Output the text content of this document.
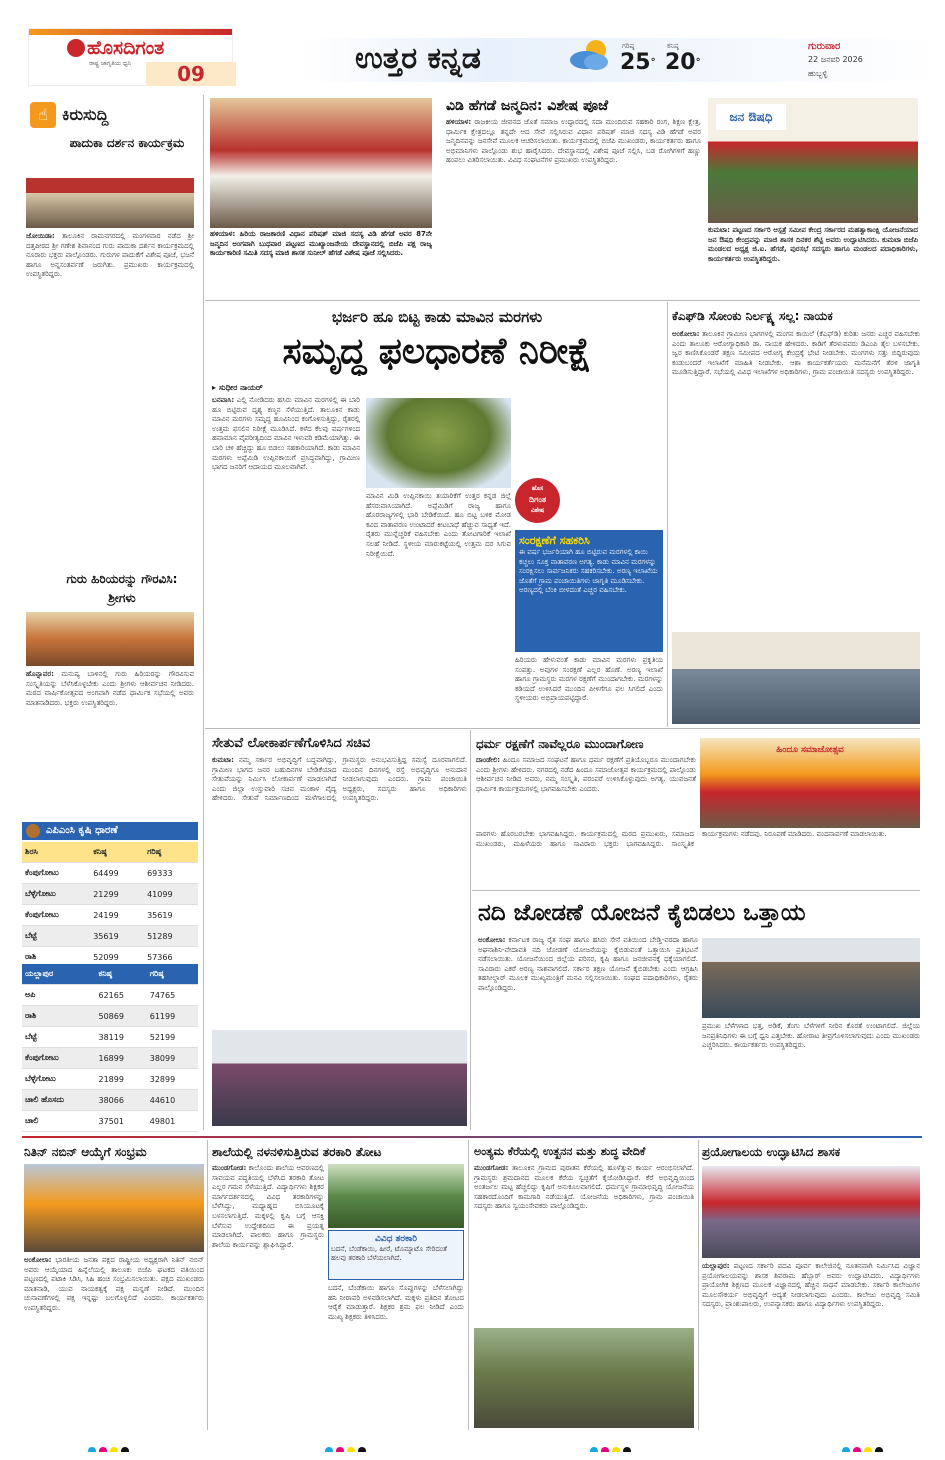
ಹೊಸದಿಗಂತ
ರಾಷ್ಟ್ರ ಜಾಗೃತಿಯ ಧ್ವನಿ	09	ಉತ್ತರ ಕನ್ನಡ	ಗರಿಷ್ಠ
25°
ಕನಿಷ್ಠ
20°
ಗುರುವಾರ
22 ಜನವರಿ 2026
ಹುಬ್ಬಳ್ಳಿ
☝ ಕಿರುಸುದ್ದಿ
ಪಾದುಕಾ ದರ್ಶನ ಕಾರ್ಯಕ್ರಮ
ಜೋಯಿಡಾ: ತಾಲೂಕಿನ ರಾಮನಗರದಲ್ಲಿ ಮಂಗಳವಾರ ನಡೆದ ಶ್ರೀ ದತ್ತಪೀಠದ ಶ್ರೀ ಗಣೇಶ ಶಿವಾನಂದ ಗುರು ಪಾದುಕಾ ದರ್ಶನ ಕಾರ್ಯಕ್ರಮದಲ್ಲಿ ನೂರಾರು ಭಕ್ತರು ಪಾಲ್ಗೊಂಡರು. ಗುರುಗಳ ಪಾದುಕೆಗೆ ವಿಶೇಷ ಪೂಜೆ, ಭಜನೆ ಹಾಗೂ ಅನ್ನಸಂತರ್ಪಣೆ ಜರುಗಿತು. ಪ್ರಮುಖರು ಕಾರ್ಯಕ್ರಮದಲ್ಲಿ ಉಪಸ್ಥಿತರಿದ್ದರು.
ಗುರು ಹಿರಿಯರನ್ನು ಗೌರವಿಸಿ: ಶ್ರೀಗಳು
ಹೊನ್ನಾವರ: ಮನುಷ್ಯ ಬಾಳಿನಲ್ಲಿ ಗುರು ಹಿರಿಯರನ್ನು ಗೌರವಿಸುವ ಸಂಸ್ಕೃತಿಯನ್ನು ಬೆಳೆಸಿಕೊಳ್ಳಬೇಕು ಎಂದು ಶ್ರೀಗಳು ಆಶೀರ್ವಚನ ನೀಡಿದರು. ಮಠದ ವಾರ್ಷಿಕೋತ್ಸವದ ಅಂಗವಾಗಿ ನಡೆದ ಧಾರ್ಮಿಕ ಸಭೆಯಲ್ಲಿ ಅವರು ಮಾತನಾಡಿದರು. ಭಕ್ತರು ಉಪಸ್ಥಿತರಿದ್ದರು.
ಎಪಿಎಂಸಿ ಕೃಷಿ ಧಾರಣೆ
ಶಿರಸಿ	ಕನಿಷ್ಠ	ಗರಿಷ್ಠ
ಕೆಂಪುಗೋಟು	64499	69333
ಬೆಳ್ಳೆಗೋಟು	21299	41099
ಕೆಂಪುಗೋಟು	24199	35619
ಬೆಟ್ಟೆ	35619	51289
ರಾಶಿ	52099	57366

ಯಲ್ಲಾಪುರ	ಕನಿಷ್ಠ	ಗರಿಷ್ಠ
ಅಪಿ	62165	74765
ರಾಶಿ	50869	61199
ಬೆಟ್ಟೆ	38119	52199
ಕೆಂಪುಗೋಟು	16899	38099
ಬೆಳ್ಳೆಗೋಟು	21899	32899
ಚಾಲಿ ಹೊಸದು	38066	44610
ಚಾಲಿ	37501	49801

ಹಳಿಯಾಳ: ಹಿರಿಯ ರಾಜಕಾರಣಿ ವಿಧಾನ ಪರಿಷತ್ ಮಾಜಿ ಸದಸ್ಯ ವಿಡಿ ಹೆಗಡೆ ಅವರ 87ನೇ ಜನ್ಮದಿನ ಅಂಗವಾಗಿ ಬುಧವಾರ ಪಟ್ಟಣದ ಮುಖ್ಯಾಂಜನೇಯ ದೇವಸ್ಥಾನದಲ್ಲಿ ಬಿಜೆಪಿ ಪಕ್ಷ ರಾಜ್ಯ ಕಾರ್ಯಕಾರಿಣಿ ಸಮಿತಿ ಸದಸ್ಯ ಮಾಜಿ ಶಾಸಕ ಸುನೀಲ್ ಹೆಗಡೆ ವಿಶೇಷ ಪೂಜೆ ಸಲ್ಲಿಸಿದರು.
ವಿಡಿ ಹೆಗಡೆ ಜನ್ಮದಿನ: ವಿಶೇಷ ಪೂಜೆ
ಹಳಿಯಾಳ: ರಾಜಕೀಯ ಜೀವನದ ಜೊತೆ ಸಮಾಜ ಉದ್ಧಾರದಲ್ಲಿ ಸದಾ ಮುಂದಿರುವ ಸಹಕಾರಿ ರಂಗ, ಶಿಕ್ಷಣ ಕ್ಷೇತ್ರ, ಧಾರ್ಮಿಕ ಕ್ಷೇತ್ರದಲ್ಲೂ ತನ್ನದೇ ಆದ ಸೇವೆ ಸಲ್ಲಿಸಿರುವ ವಿಧಾನ ಪರಿಷತ್ ಮಾಜಿ ಸದಸ್ಯ ವಿಡಿ ಹೆಗಡೆ ಅವರ ಜನ್ಮದಿನವನ್ನು ಜನಸೇವೆ ಮೂಲಕ ಆಚರಿಸಲಾಯಿತು. ಕಾರ್ಯಕ್ರಮದಲ್ಲಿ ಬಿಜೆಪಿ ಮುಖಂಡರು, ಕಾರ್ಯಕರ್ತರು ಹಾಗೂ ಅಭಿಮಾನಿಗಳು ಪಾಲ್ಗೊಂಡು ಶುಭ ಹಾರೈಸಿದರು. ದೇವಸ್ಥಾನದಲ್ಲಿ ವಿಶೇಷ ಪೂಜೆ ಸಲ್ಲಿಸಿ, ಬಡ ರೋಗಿಗಳಿಗೆ ಹಣ್ಣು ಹಂಪಲು ವಿತರಿಸಲಾಯಿತು. ವಿವಿಧ ಸಂಘಟನೆಗಳ ಪ್ರಮುಖರು ಉಪಸ್ಥಿತರಿದ್ದರು.
ಜನ ಔಷಧಿ
ಕುಮಟಾ: ಪಟ್ಟಣದ ಸರ್ಕಾರಿ ಆಸ್ಪತ್ರೆ ಸಮೀಪ ಕೇಂದ್ರ ಸರ್ಕಾರದ ಮಹತ್ವಾಕಾಂಕ್ಷಿ ಯೋಜನೆಯಾದ ಜನ ಔಷಧಿ ಕೇಂದ್ರವನ್ನು ಮಾಜಿ ಶಾಸಕ ದಿನಕರ ಶೆಟ್ಟಿ ಅವರು ಉದ್ಘಾಟಿಸಿದರು. ಕುಮಟಾ ಬಿಜೆಪಿ ಮಂಡಲದ ಅಧ್ಯಕ್ಷ ಜಿ.ಐ. ಹೆಗಡೆ, ಪುರಸಭೆ ಸದಸ್ಯರು ಹಾಗೂ ಮಂಡಲದ ಪದಾಧಿಕಾರಿಗಳು, ಕಾರ್ಯಕರ್ತರು ಉಪಸ್ಥಿತರಿದ್ದರು.
ಭರ್ಜರಿ ಹೂ ಬಿಟ್ಟ ಕಾಡು ಮಾವಿನ ಮರಗಳು
ಸಮೃದ್ಧ ಫಲಧಾರಣೆ ನಿರೀಕ್ಷೆ
▸ ಸುಧೀರ ನಾಯರ್
ಬನವಾಸಿ: ಎಲ್ಲಿ ನೋಡಿದರು ಹಸಿರು ಮಾವಿನ ಮರಗಳಲ್ಲಿ ಈ ಬಾರಿ ಹೂ ಬಿಟ್ಟಿರುವ ದೃಶ್ಯ ಕಣ್ಮನ ಸೆಳೆಯುತ್ತಿದೆ. ತಾಲೂಕಿನ ಕಾಡು ಮಾವಿನ ಮರಗಳು ಸಮೃದ್ಧ ಹೂವಿನಿಂದ ಕಂಗೊಳಿಸುತ್ತಿದ್ದು, ರೈತರಲ್ಲಿ ಉತ್ತಮ ಫಸಲಿನ ನಿರೀಕ್ಷೆ ಮೂಡಿಸಿದೆ. ಕಳೆದ ಕೆಲವು ವರ್ಷಗಳಿಂದ ಹವಾಮಾನ ವೈಪರೀತ್ಯದಿಂದ ಮಾವಿನ ಇಳುವರಿ ಕಡಿಮೆಯಾಗಿತ್ತು. ಈ ಬಾರಿ ಚಳಿ ಹೆಚ್ಚಿದ್ದು ಹೂ ಬಿಡಲು ಸಹಕಾರಿಯಾಗಿದೆ. ಕಾಡು ಮಾವಿನ ಮರಗಳು ಅಪ್ಪೆಮಿಡಿ ಉಪ್ಪಿನಕಾಯಿಗೆ ಪ್ರಸಿದ್ಧವಾಗಿದ್ದು, ಗ್ರಾಮೀಣ ಭಾಗದ ಜನರಿಗೆ ಆದಾಯದ ಮೂಲವಾಗಿವೆ.
ಹೊಸ
ದಿಗಂತ
ವಿಶೇಷ
ಮಾವಿನ ಮಿಡಿ ಉಪ್ಪಿನಕಾಯಿ ತಯಾರಿಕೆಗೆ ಉತ್ತರ ಕನ್ನಡ ಜಿಲ್ಲೆ ಹೆಸರುವಾಸಿಯಾಗಿದೆ. ಅಪ್ಪೆಮಿಡಿಗೆ ರಾಜ್ಯ ಹಾಗೂ ಹೊರರಾಜ್ಯಗಳಲ್ಲಿ ಭಾರಿ ಬೇಡಿಕೆಯಿದೆ. ಹೂ ಬಿಟ್ಟ ಬಳಿಕ ಮೋಡ ಕವಿದ ವಾತಾವರಣ ಉಂಟಾದರೆ ಕೀಟಬಾಧೆ ಹೆಚ್ಚುವ ಸಾಧ್ಯತೆ ಇದೆ. ರೈತರು ಮುನ್ನೆಚ್ಚರಿಕೆ ವಹಿಸಬೇಕು ಎಂದು ತೋಟಗಾರಿಕೆ ಇಲಾಖೆ ಸಲಹೆ ನೀಡಿದೆ. ಸ್ಥಳೀಯ ಮಾರುಕಟ್ಟೆಯಲ್ಲಿ ಉತ್ತಮ ದರ ಸಿಗುವ ನಿರೀಕ್ಷೆಯಿದೆ.
ಸಂರಕ್ಷಣೆಗೆ ಸಹಕರಿಸಿ
ಈ ವರ್ಷ ಭರ್ಜರಿಯಾಗಿ ಹೂ ಬಿಟ್ಟಿರುವ ಮರಗಳಲ್ಲಿ ಕಾಯಿ ಕಚ್ಚಲು ಸೂಕ್ತ ವಾತಾವರಣ ಅಗತ್ಯ. ಕಾಡು ಮಾವಿನ ಮರಗಳನ್ನು ಸಂರಕ್ಷಿಸಲು ಸಾರ್ವಜನಿಕರು ಸಹಕರಿಸಬೇಕು. ಅರಣ್ಯ ಇಲಾಖೆಯ ಜೊತೆಗೆ ಗ್ರಾಮ ಪಂಚಾಯಿತಿಗಳು ಜಾಗೃತಿ ಮೂಡಿಸಬೇಕು. ಅರಣ್ಯದಲ್ಲಿ ಬೆಂಕಿ ಬೀಳದಂತೆ ಎಚ್ಚರ ವಹಿಸಬೇಕು.
ಹಿರಿಯರು ಹೇಳುವಂತೆ ಕಾಡು ಮಾವಿನ ಮರಗಳು ಪ್ರಕೃತಿಯ ಸಂಪತ್ತು. ಅವುಗಳ ಸಂರಕ್ಷಣೆ ಎಲ್ಲರ ಹೊಣೆ. ಅರಣ್ಯ ಇಲಾಖೆ ಹಾಗೂ ಗ್ರಾಮಸ್ಥರು ಮರಗಳ ರಕ್ಷಣೆಗೆ ಮುಂದಾಗಬೇಕು. ಮರಗಳನ್ನು ಕಡಿಯದೆ ಉಳಿಸಿದರೆ ಮುಂದಿನ ಪೀಳಿಗೆಗೂ ಫಲ ಸಿಗಲಿದೆ ಎಂದು ಸ್ಥಳೀಯರು ಅಭಿಪ್ರಾಯಪಟ್ಟಿದ್ದಾರೆ.
ಕೆಎಫ್‌ಡಿ ಸೋಂಕು ನಿರ್ಲಕ್ಷ್ಯ ಸಲ್ಲ: ನಾಯಕ
ಅಂಕೋಲಾ: ತಾಲೂಕಿನ ಗ್ರಾಮೀಣ ಭಾಗಗಳಲ್ಲಿ ಮಂಗನ ಕಾಯಿಲೆ (ಕೆಎಫ್‌ಡಿ) ಕುರಿತು ಜನರು ಎಚ್ಚರ ವಹಿಸಬೇಕು ಎಂದು ತಾಲೂಕು ಆರೋಗ್ಯಾಧಿಕಾರಿ ಡಾ. ನಾಯಕ ಹೇಳಿದರು. ಕಾಡಿಗೆ ತೆರಳುವವರು ಡಿಎಂಪಿ ತೈಲ ಬಳಸಬೇಕು. ಜ್ವರ ಕಾಣಿಸಿಕೊಂಡರೆ ತಕ್ಷಣ ಸಮೀಪದ ಆರೋಗ್ಯ ಕೇಂದ್ರಕ್ಕೆ ಭೇಟಿ ನೀಡಬೇಕು. ಮಂಗಗಳು ಸತ್ತು ಬಿದ್ದಿರುವುದು ಕಂಡುಬಂದರೆ ಇಲಾಖೆಗೆ ಮಾಹಿತಿ ನೀಡಬೇಕು. ಆಶಾ ಕಾರ್ಯಕರ್ತೆಯರು ಮನೆಮನೆಗೆ ತೆರಳಿ ಜಾಗೃತಿ ಮೂಡಿಸುತ್ತಿದ್ದಾರೆ. ಸಭೆಯಲ್ಲಿ ವಿವಿಧ ಇಲಾಖೆಗಳ ಅಧಿಕಾರಿಗಳು, ಗ್ರಾಮ ಪಂಚಾಯಿತಿ ಸದಸ್ಯರು ಉಪಸ್ಥಿತರಿದ್ದರು.
ಸೇತುವೆ ಲೋಕಾರ್ಪಣೆಗೊಳಿಸಿದ ಸಚಿವ
ಕುಮಟಾ: ನಮ್ಮ ಸರ್ಕಾರ ಅಭಿವೃದ್ಧಿಗೆ ಬದ್ಧವಾಗಿದ್ದು, ಗ್ರಾಮೀಣ ಭಾಗದ ಜನರ ಬಹುದಿನಗಳ ಬೇಡಿಕೆಯಾದ ಸೇತುವೆಯನ್ನು ನಿರ್ಮಿಸಿ ಲೋಕಾರ್ಪಣೆ ಮಾಡಲಾಗಿದೆ ಎಂದು ಜಿಲ್ಲಾ ಉಸ್ತುವಾರಿ ಸಚಿವ ಮಂಕಾಳ ವೈದ್ಯ ಹೇಳಿದರು. ಸೇತುವೆ ನಿರ್ಮಾಣದಿಂದ ಮಳೆಗಾಲದಲ್ಲಿ ಗ್ರಾಮಸ್ಥರು ಅನುಭವಿಸುತ್ತಿದ್ದ ಸಮಸ್ಯೆ ದೂರವಾಗಲಿದೆ. ಮುಂದಿನ ದಿನಗಳಲ್ಲಿ ರಸ್ತೆ ಅಭಿವೃದ್ಧಿಗೂ ಅನುದಾನ ನೀಡಲಾಗುವುದು ಎಂದರು. ಗ್ರಾಮ ಪಂಚಾಯಿತಿ ಅಧ್ಯಕ್ಷರು, ಸದಸ್ಯರು ಹಾಗೂ ಅಧಿಕಾರಿಗಳು ಉಪಸ್ಥಿತರಿದ್ದರು.
ಧರ್ಮ ರಕ್ಷಣೆಗೆ ನಾವೆಲ್ಲರೂ ಮುಂದಾಗೋಣ
ದಾಂಡೇಲಿ: ಹಿಂದೂ ಸಮಾಜದ ಸಂಘಟನೆ ಹಾಗೂ ಧರ್ಮ ರಕ್ಷಣೆಗೆ ಪ್ರತಿಯೊಬ್ಬರೂ ಮುಂದಾಗಬೇಕು ಎಂದು ಶ್ರೀಗಳು ಹೇಳಿದರು. ನಗರದಲ್ಲಿ ನಡೆದ ಹಿಂದೂ ಸಮಾಜೋತ್ಸವ ಕಾರ್ಯಕ್ರಮದಲ್ಲಿ ಪಾಲ್ಗೊಂಡು ಆಶೀರ್ವಚನ ನೀಡಿದ ಅವರು, ನಮ್ಮ ಸಂಸ್ಕೃತಿ, ಪರಂಪರೆ ಉಳಿಸಿಕೊಳ್ಳುವುದು ಅಗತ್ಯ. ಯುವಜನತೆ ಧಾರ್ಮಿಕ ಕಾರ್ಯಕ್ರಮಗಳಲ್ಲಿ ಭಾಗವಹಿಸಬೇಕು ಎಂದರು.
ಹಿಂದೂ ಸಮಾಜೋತ್ಸವ
ಪಾಠಗಳು ಹೊರಬರಬೇಕು ಭಾಗವಹಿಸಿದ್ದರು. ಕಾರ್ಯಕ್ರಮದಲ್ಲಿ ಮಠದ ಪ್ರಮುಖರು, ಸಮಾಜದ ಮುಖಂಡರು, ಮಹಿಳೆಯರು ಹಾಗೂ ಸಾವಿರಾರು ಭಕ್ತರು ಭಾಗವಹಿಸಿದ್ದರು. ಸಾಂಸ್ಕೃತಿಕ ಕಾರ್ಯಕ್ರಮಗಳು ನಡೆದವು. ನಿರೂಪಣೆ ಮಾಡಿದರು. ವಂದನಾರ್ಪಣೆ ಮಾಡಲಾಯಿತು.
ನದಿ ಜೋಡಣೆ ಯೋಜನೆ ಕೈಬಿಡಲು ಒತ್ತಾಯ
ಅಂಕೋಲಾ: ಕರ್ನಾಟಕ ರಾಜ್ಯ ರೈತ ಸಂಘ ಹಾಗೂ ಹಸಿರು ಸೇನೆ ವತಿಯಿಂದ ಬೇಡ್ತಿ-ವರದಾ ಹಾಗೂ ಅಘನಾಶಿನಿ-ವೇದಾವತಿ ನದಿ ಜೋಡಣೆ ಯೋಜನೆಯನ್ನು ಕೈಬಿಡುವಂತೆ ಒತ್ತಾಯಿಸಿ ಪ್ರತಿಭಟನೆ ನಡೆಸಲಾಯಿತು. ಯೋಜನೆಯಿಂದ ಜಿಲ್ಲೆಯ ಪರಿಸರ, ಕೃಷಿ ಹಾಗೂ ಜನಜೀವನಕ್ಕೆ ಧಕ್ಕೆಯಾಗಲಿದೆ. ಸಾವಿರಾರು ಎಕರೆ ಅರಣ್ಯ ನಾಶವಾಗಲಿದೆ. ಸರ್ಕಾರ ತಕ್ಷಣ ಯೋಜನೆ ಕೈಬಿಡಬೇಕು ಎಂದು ಆಗ್ರಹಿಸಿ ತಹಸೀಲ್ದಾರ್ ಮೂಲಕ ಮುಖ್ಯಮಂತ್ರಿಗೆ ಮನವಿ ಸಲ್ಲಿಸಲಾಯಿತು. ಸಂಘದ ಪದಾಧಿಕಾರಿಗಳು, ರೈತರು ಪಾಲ್ಗೊಂಡಿದ್ದರು.
ಪ್ರಮುಖ ಬೆಳೆಗಳಾದ ಭತ್ತ, ಅಡಿಕೆ, ತೆಂಗು ಬೆಳೆಗಳಿಗೆ ನೀರಿನ ಕೊರತೆ ಉಂಟಾಗಲಿದೆ. ಜಿಲ್ಲೆಯ ಜನಪ್ರತಿನಿಧಿಗಳು ಈ ಬಗ್ಗೆ ಧ್ವನಿ ಎತ್ತಬೇಕು. ಹೋರಾಟ ತೀವ್ರಗೊಳಿಸಲಾಗುವುದು ಎಂದು ಮುಖಂಡರು ಎಚ್ಚರಿಸಿದರು. ಕಾರ್ಯಕರ್ತರು ಉಪಸ್ಥಿತರಿದ್ದರು.
ನಿತಿನ್ ನಬಿನ್ ಆಯ್ಕೆಗೆ ಸಂಭ್ರಮ
ಅಂಕೋಲಾ: ಭಾರತೀಯ ಜನತಾ ಪಕ್ಷದ ರಾಷ್ಟ್ರೀಯ ಅಧ್ಯಕ್ಷರಾಗಿ ನಿತಿನ್ ನಬಿನ್ ಅವರು ಆಯ್ಕೆಯಾದ ಹಿನ್ನೆಲೆಯಲ್ಲಿ ತಾಲೂಕು ಬಿಜೆಪಿ ಘಟಕದ ವತಿಯಿಂದ ಪಟ್ಟಣದಲ್ಲಿ ಪಟಾಕಿ ಸಿಡಿಸಿ, ಸಿಹಿ ಹಂಚಿ ಸಂಭ್ರಮಿಸಲಾಯಿತು. ಪಕ್ಷದ ಮುಖಂಡರು ಮಾತನಾಡಿ, ಯುವ ನಾಯಕತ್ವಕ್ಕೆ ಪಕ್ಷ ಮನ್ನಣೆ ನೀಡಿದೆ. ಮುಂದಿನ ಚುನಾವಣೆಗಳಲ್ಲಿ ಪಕ್ಷ ಇನ್ನಷ್ಟು ಬಲಗೊಳ್ಳಲಿದೆ ಎಂದರು. ಕಾರ್ಯಕರ್ತರು ಉಪಸ್ಥಿತರಿದ್ದರು.
ಶಾಲೆಯಲ್ಲಿ ನಳನಳಿಸುತ್ತಿರುವ ತರಕಾರಿ ತೋಟ
ಮುಂಡಗೋಡ: ಕಾಲೊಂದು ಶಾಲೆಯ ಆವರಣದಲ್ಲಿ ಸಾವಯವ ಪದ್ಧತಿಯಲ್ಲಿ ಬೆಳೆಸಿದ ತರಕಾರಿ ತೋಟ ಎಲ್ಲರ ಗಮನ ಸೆಳೆಯುತ್ತಿದೆ. ವಿದ್ಯಾರ್ಥಿಗಳು ಶಿಕ್ಷಕರ ಮಾರ್ಗದರ್ಶನದಲ್ಲಿ ವಿವಿಧ ತರಕಾರಿಗಳನ್ನು ಬೆಳೆಸಿದ್ದು, ಮಧ್ಯಾಹ್ನದ ಬಿಸಿಯೂಟಕ್ಕೆ ಬಳಸಲಾಗುತ್ತಿದೆ. ಮಕ್ಕಳಲ್ಲಿ ಕೃಷಿ ಬಗ್ಗೆ ಆಸಕ್ತಿ ಬೆಳೆಸುವ ಉದ್ದೇಶದಿಂದ ಈ ಪ್ರಯತ್ನ ಮಾಡಲಾಗಿದೆ. ಪಾಲಕರು ಹಾಗೂ ಗ್ರಾಮಸ್ಥರು ಶಾಲೆಯ ಕಾರ್ಯವನ್ನು ಶ್ಲಾಘಿಸಿದ್ದಾರೆ.
ವಿವಿಧ ತರಕಾರಿ
ಬದನೆ, ಬೆಂಡೆಕಾಯಿ, ಹೀರೆ, ಟೊಮ್ಯಾಟೊ ಸೇರಿದಂತೆ ಹಲವು ತರಕಾರಿ ಬೆಳೆಯಲಾಗಿದೆ.
ಬದನೆ, ಬೆಂಡೆಕಾಯಿ ಹಾಗೂ ಸೊಪ್ಪುಗಳನ್ನು ಬೆಳೆಸಲಾಗಿದ್ದು ಹನಿ ನೀರಾವರಿ ಅಳವಡಿಸಲಾಗಿದೆ. ಮಕ್ಕಳು ಪ್ರತಿದಿನ ತೋಟದ ಆರೈಕೆ ಮಾಡುತ್ತಾರೆ. ಶಿಕ್ಷಕರ ಶ್ರಮ ಫಲ ನೀಡಿದೆ ಎಂದು ಮುಖ್ಯ ಶಿಕ್ಷಕರು ತಿಳಿಸಿದರು.
ಅಂತ್ಯಮ ಕೆರೆಯಲ್ಲಿ ಉತ್ಖನನ ಮತ್ತು ಶುದ್ಧ ವೇದಿಕೆ
ಮುಂಡಗೋಡ: ತಾಲೂಕಿನ ಗ್ರಾಮದ ಪುರಾತನ ಕೆರೆಯಲ್ಲಿ ಹೂಳೆತ್ತುವ ಕಾರ್ಯ ಆರಂಭಿಸಲಾಗಿದೆ. ಗ್ರಾಮಸ್ಥರು ಶ್ರಮದಾನದ ಮೂಲಕ ಕೆರೆಯ ಸ್ವಚ್ಛತೆಗೆ ಕೈಜೋಡಿಸಿದ್ದಾರೆ. ಕೆರೆ ಅಭಿವೃದ್ಧಿಯಿಂದ ಅಂತರ್ಜಲ ಮಟ್ಟ ಹೆಚ್ಚಲಿದ್ದು ಕೃಷಿಗೆ ಅನುಕೂಲವಾಗಲಿದೆ. ಧರ್ಮಸ್ಥಳ ಗ್ರಾಮಾಭಿವೃದ್ಧಿ ಯೋಜನೆಯ ಸಹಕಾರದೊಂದಿಗೆ ಕಾಮಗಾರಿ ನಡೆಯುತ್ತಿದೆ. ಯೋಜನೆಯ ಅಧಿಕಾರಿಗಳು, ಗ್ರಾಮ ಪಂಚಾಯಿತಿ ಸದಸ್ಯರು ಹಾಗೂ ಸ್ವಯಂಸೇವಕರು ಪಾಲ್ಗೊಂಡಿದ್ದರು.
ಪ್ರಯೋಗಾಲಯ ಉದ್ಘಾಟಿಸಿದ ಶಾಸಕ
ಯಲ್ಲಾಪುರ: ಪಟ್ಟಣದ ಸರ್ಕಾರಿ ಪದವಿ ಪೂರ್ವ ಕಾಲೇಜಿನಲ್ಲಿ ನೂತನವಾಗಿ ನಿರ್ಮಿಸಿದ ವಿಜ್ಞಾನ ಪ್ರಯೋಗಾಲಯವನ್ನು ಶಾಸಕ ಶಿವರಾಮ ಹೆಬ್ಬಾರ್ ಅವರು ಉದ್ಘಾಟಿಸಿದರು. ವಿದ್ಯಾರ್ಥಿಗಳು ಪ್ರಾಯೋಗಿಕ ಶಿಕ್ಷಣದ ಮೂಲಕ ವಿಜ್ಞಾನದಲ್ಲಿ ಹೆಚ್ಚಿನ ಸಾಧನೆ ಮಾಡಬೇಕು. ಸರ್ಕಾರಿ ಕಾಲೇಜುಗಳ ಮೂಲಸೌಕರ್ಯ ಅಭಿವೃದ್ಧಿಗೆ ಆದ್ಯತೆ ನೀಡಲಾಗುವುದು ಎಂದರು. ಕಾಲೇಜು ಅಭಿವೃದ್ಧಿ ಸಮಿತಿ ಸದಸ್ಯರು, ಪ್ರಾಂಶುಪಾಲರು, ಉಪನ್ಯಾಸಕರು ಹಾಗೂ ವಿದ್ಯಾರ್ಥಿಗಳು ಉಪಸ್ಥಿತರಿದ್ದರು.
